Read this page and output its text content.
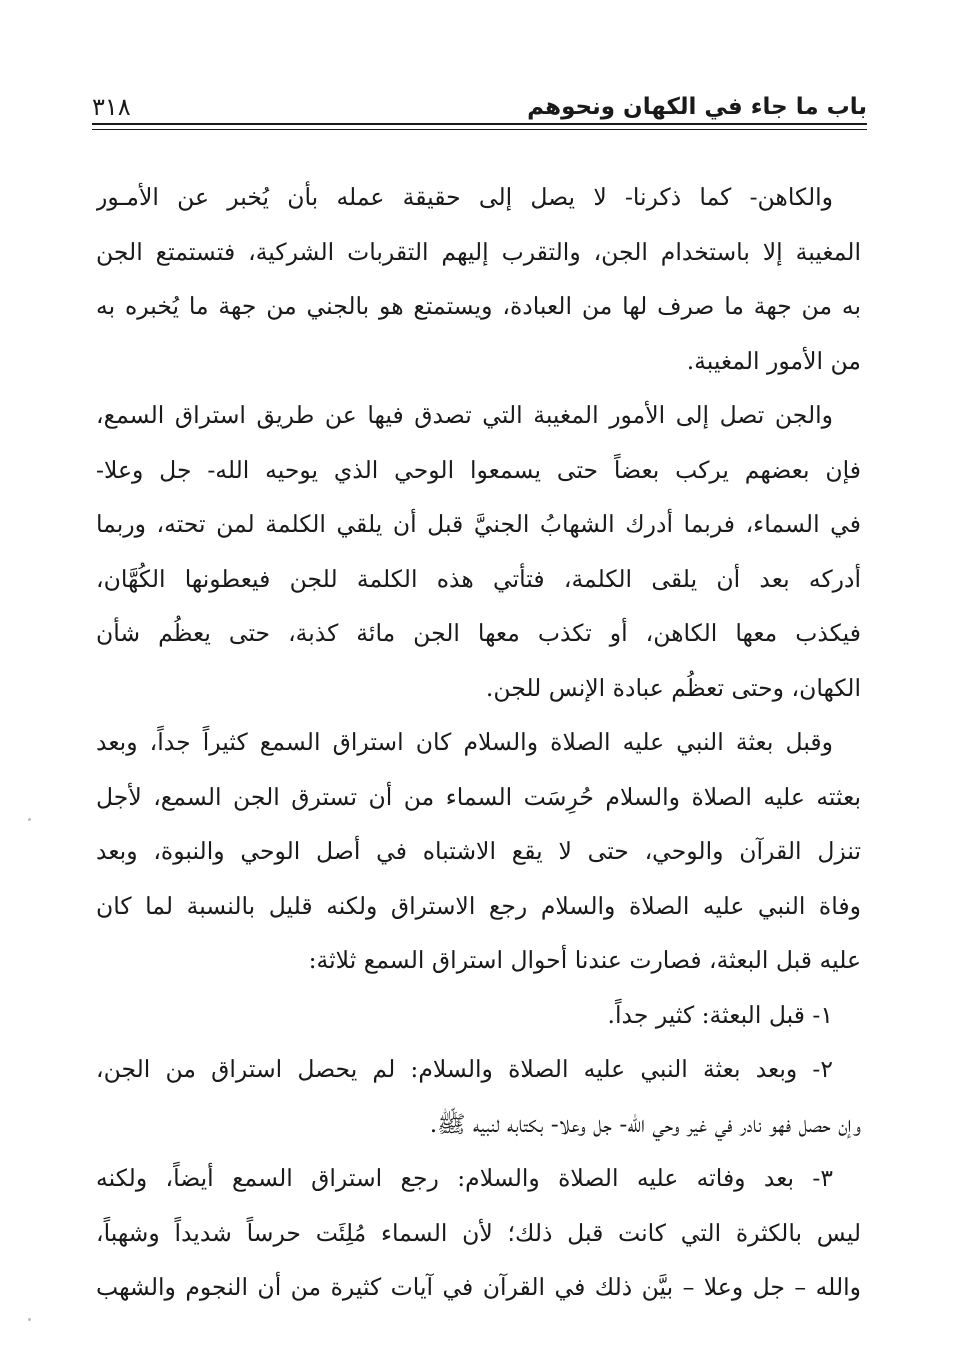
باب ما جاء في الكهان ونحوهم
٣١٨
والكاهن- كما ذكرنا- لا يصل إلى حقيقة عمله بأن يُخبر عن الأمـور
المغيبة إلا باستخدام الجن، والتقرب إليهم التقربات الشركية، فتستمتع الجن
به من جهة ما صرف لها من العبادة، ويستمتع هو بالجني من جهة ما يُخبره به
من الأمور المغيبة.
والجن تصل إلى الأمور المغيبة التي تصدق فيها عن طريق استراق السمع،
فإن بعضهم يركب بعضاً حتى يسمعوا الوحي الذي يوحيه الله- جل وعلا-
في السماء، فربما أدرك الشهابُ الجنيَّ قبل أن يلقي الكلمة لمن تحته، وربما
أدركه بعد أن يلقى الكلمة، فتأتي هذه الكلمة للجن فيعطونها الكُهَّان،
فيكذب معها الكاهن، أو تكذب معها الجن مائة كذبة، حتى يعظُم شأن
الكهان، وحتى تعظُم عبادة الإنس للجن.
وقبل بعثة النبي عليه الصلاة والسلام كان استراق السمع كثيراً جداً، وبعد
بعثته عليه الصلاة والسلام حُرِسَت السماء من أن تسترق الجن السمع، لأجل
تنزل القرآن والوحي، حتى لا يقع الاشتباه في أصل الوحي والنبوة، وبعد
وفاة النبي عليه الصلاة والسلام رجع الاستراق ولكنه قليل بالنسبة لما كان
عليه قبل البعثة، فصارت عندنا أحوال استراق السمع ثلاثة:
١- قبل البعثة: كثير جداً.
٢- وبعد بعثة النبي عليه الصلاة والسلام: لم يحصل استراق من الجن،
وإن حصل فهو نادر في غير وحي الله- جل وعلا- بكتابه لنبيه ﷺ.
٣- بعد وفاته عليه الصلاة والسلام: رجع استراق السمع أيضاً، ولكنه
ليس بالكثرة التي كانت قبل ذلك؛ لأن السماء مُلِئَت حرساً شديداً وشهباً،
والله – جل وعلا – بيَّن ذلك في القرآن في آيات كثيرة من أن النجوم والشهب
